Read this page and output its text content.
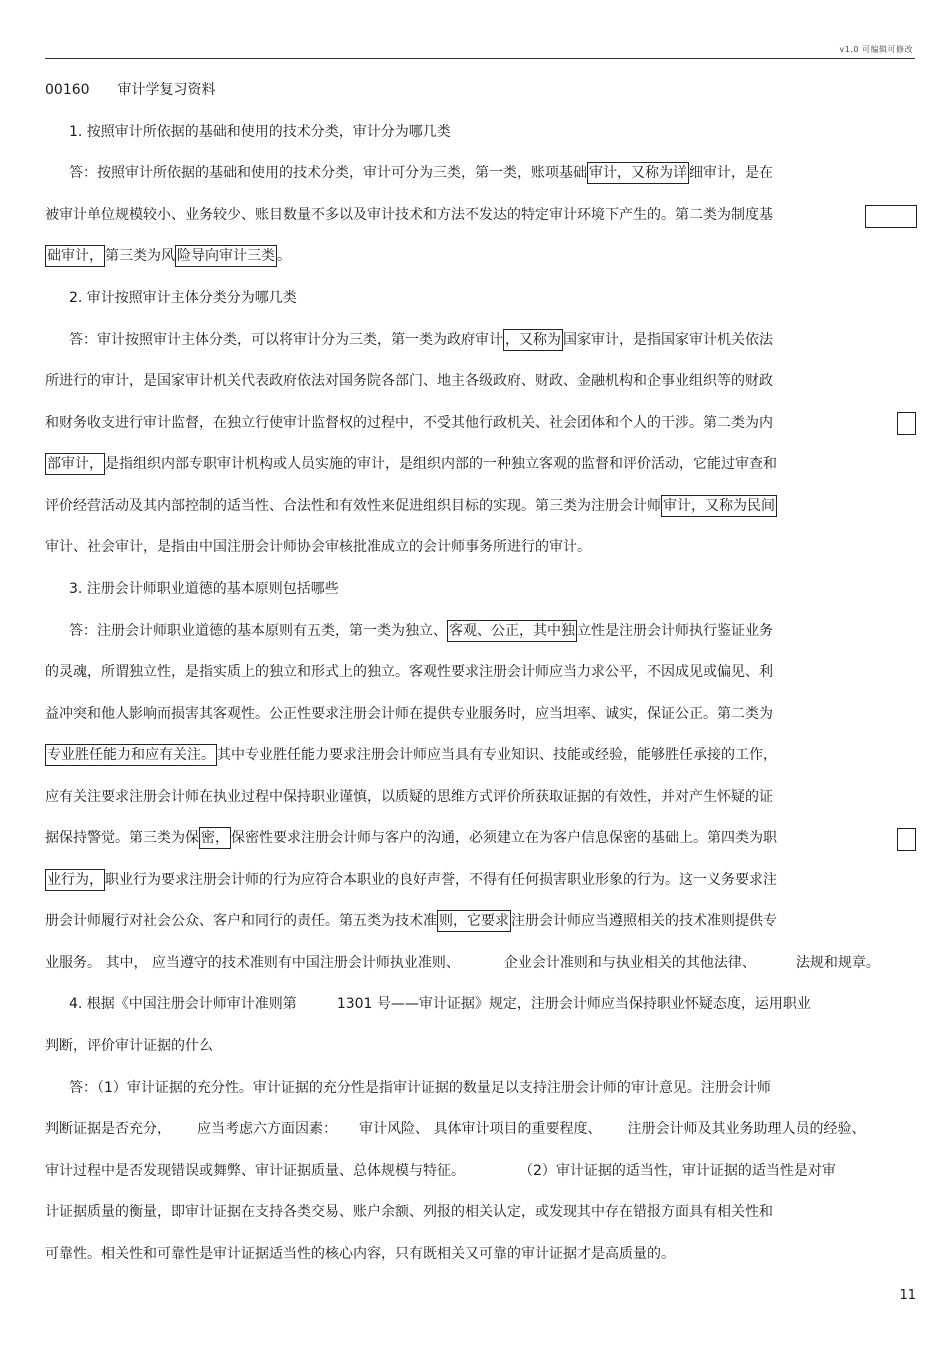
v1.0 可编辑可修改
00160 审计学复习资料
1. 按照审计所依据的基础和使用的技术分类，审计分为哪几类
答：按照审计所依据的基础和使用的技术分类，审计可分为三类，第一类，账项基础 审计，又称为详 细审计，是在
被审计单位规模较小、业务较少、账目数量不多以及审计技术和方法不发达的特定审计环境下产生的。第二类为制度基
础审计， 第三类为风 险导向审计三类 。
2. 审计按照审计主体分类分为哪几类
答：审计按照审计主体分类，可以将审计分为三类，第一类为政府审计 ，又称为 国家审计，是指国家审计机关依法
所进行的审计，是国家审计机关代表政府依法对国务院各部门、地主各级政府、财政、金融机构和企事业组织等的财政
和财务收支进行审计监督，在独立行使审计监督权的过程中，不受其他行政机关、社会团体和个人的干涉。第二类为内
部审计， 是指组织内部专职审计机构或人员实施的审计，是组织内部的一种独立客观的监督和评价活动，它能过审查和
评价经营活动及其内部控制的适当性、合法性和有效性来促进组织目标的实现。第三类为注册会计师 审计，又称为民间
审计、社会审计，是指由中国注册会计师协会审核批准成立的会计师事务所进行的审计。
3. 注册会计师职业道德的基本原则包括哪些
答：注册会计师职业道德的基本原则有五类，第一类为独立、 客观、公正，其中独 立性是注册会计师执行鉴证业务
的灵魂，所谓独立性，是指实质上的独立和形式上的独立。客观性要求注册会计师应当力求公平，不因成见或偏见、利
益冲突和他人影响而损害其客观性。公正性要求注册会计师在提供专业服务时，应当坦率、诚实，保证公正。第二类为
专业胜任能力和应有关注。 其中专业胜任能力要求注册会计师应当具有专业知识、技能或经验，能够胜任承接的工作，
应有关注要求注册会计师在执业过程中保持职业谨慎，以质疑的思维方式评价所获取证据的有效性，并对产生怀疑的证
据保持警觉。第三类为保 密， 保密性要求注册会计师与客户的沟通，必须建立在为客户信息保密的基础上。第四类为职
业行为， 职业行为要求注册会计师的行为应符合本职业的良好声誉，不得有任何损害职业形象的行为。这一义务要求注
册会计师履行对社会公众、客户和同行的责任。第五类为技术准 则，它要求 注册会计师应当遵照相关的技术准则提供专
业服务。 其中， 应当遵守的技术准则有中国注册会计师执业准则、	企业会计准则和与执业相关的其他法律、	法规和规章。
4. 根据《中国注册会计师审计准则第	1301 号——审计证据》规定，注册会计师应当保持职业怀疑态度，运用职业
判断，评价审计证据的什么
答：（1）审计证据的充分性。审计证据的充分性是指审计证据的数量足以支持注册会计师的审计意见。注册会计师
判断证据是否充分， 应当考虑六方面因素： 审计风险、 具体审计项目的重要程度、 注册会计师及其业务助理人员的经验、
审计过程中是否发现错误或舞弊、审计证据质量、总体规模与特征。	（2）审计证据的适当性，审计证据的适当性是对审
计证据质量的衡量，即审计证据在支持各类交易、账户余额、列报的相关认定，或发现其中存在错报方面具有相关性和
可靠性。相关性和可靠性是审计证据适当性的核心内容，只有既相关又可靠的审计证据才是高质量的。
11
